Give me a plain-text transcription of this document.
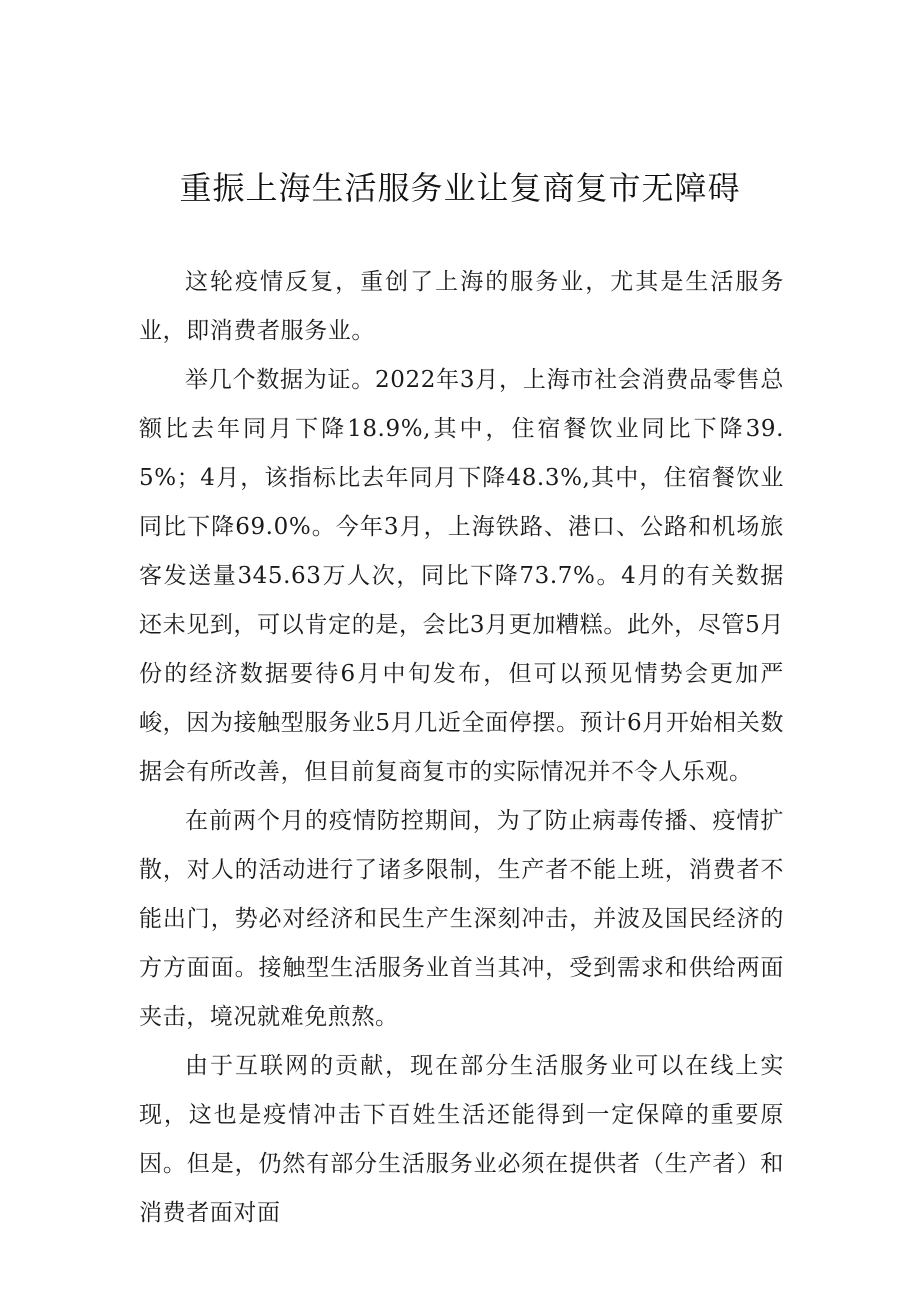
重振上海生活服务业让复商复市无障碍

这轮疫情反复，重创了上海的服务业，尤其是生活服务业，即消费者服务业。

举几个数据为证。2022年3月，上海市社会消费品零售总额比去年同月下降18.9%,其中，住宿餐饮业同比下降39.5%；4月，该指标比去年同月下降48.3%,其中，住宿餐饮业同比下降69.0%。今年3月，上海铁路、港口、公路和机场旅客发送量345.63万人次，同比下降73.7%。4月的有关数据还未见到，可以肯定的是，会比3月更加糟糕。此外，尽管5月份的经济数据要待6月中旬发布，但可以预见情势会更加严峻，因为接触型服务业5月几近全面停摆。预计6月开始相关数据会有所改善，但目前复商复市的实际情况并不令人乐观。

在前两个月的疫情防控期间，为了防止病毒传播、疫情扩散，对人的活动进行了诸多限制，生产者不能上班，消费者不能出门，势必对经济和民生产生深刻冲击，并波及国民经济的方方面面。接触型生活服务业首当其冲，受到需求和供给两面夹击，境况就难免煎熬。

由于互联网的贡献，现在部分生活服务业可以在线上实现，这也是疫情冲击下百姓生活还能得到一定保障的重要原因。但是，仍然有部分生活服务业必须在提供者（生产者）和消费者面对面
